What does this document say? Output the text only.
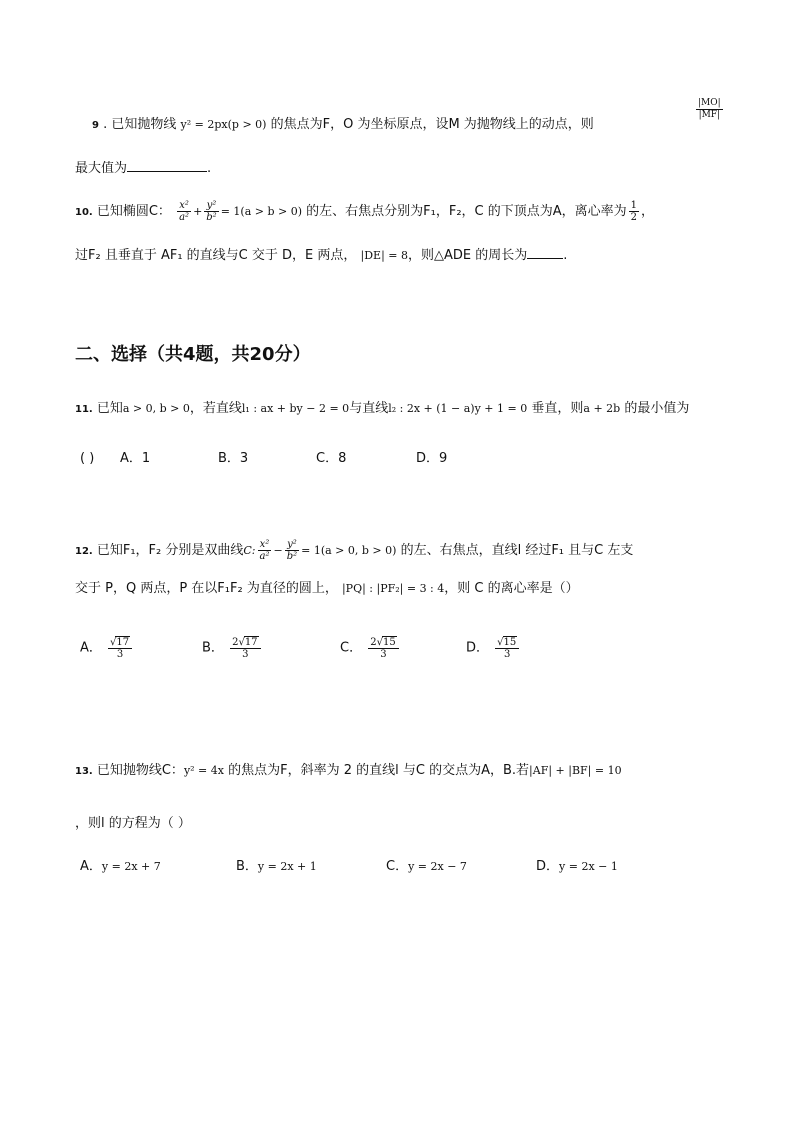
9 . 已知抛物线 y² = 2px(p > 0) 的焦点为F，O 为坐标原点，设M 为抛物线上的动点，则
$\frac{|MO|}{|MF|}$
最大值为	.
10. 已知椭圆C： $\frac{\text{x²}}{\text{a²}} + \frac{\text{y²}}{\text{b²}} = 1(a > b > 0)$ 的左、右焦点分别为F₁，F₂，C 的下顶点为A，离心率为 $\frac{1}{2}$ ，
过F₂ 且垂直于 AF₁ 的直线与C 交于 D，E 两点， |DE| = 8，则△ADE 的周长为	.
二、选择（共4题，共20分）
11. 已知a > 0, b > 0，若直线l₁ : ax + by − 2 = 0与直线l₂ : 2x + (1 − a)y + 1 = 0 垂直，则a + 2b 的最小值为
( ) A．1	B．3	C．8	D．9
12. 已知F₁，F₂ 分别是双曲线C: $\frac{\text{x²}}{\text{a²}} - \frac{\text{y²}}{\text{b²}} = 1(a > 0$, b > 0) 的左、右焦点，直线l 经过F₁ 且与C 左支
交于 P，Q 两点，P 在以F₁F₂ 为直径的圆上， |PQ| : |PF₂| = 3 : 4，则 C 的离心率是（）
A． $\frac{√17}{3}$	B． $\frac{2√17}{3}$	C． $\frac{2√15}{3}$	D． $\frac{√15}{3}$
13. 已知抛物线C：y² = 4x 的焦点为F，斜率为 2 的直线l 与C 的交点为A，B.若|AF| + |BF| = 10
，则l 的方程为（ ）
A．y = 2x + 7	B．y = 2x + 1	C．y = 2x − 7	D．y = 2x − 1
